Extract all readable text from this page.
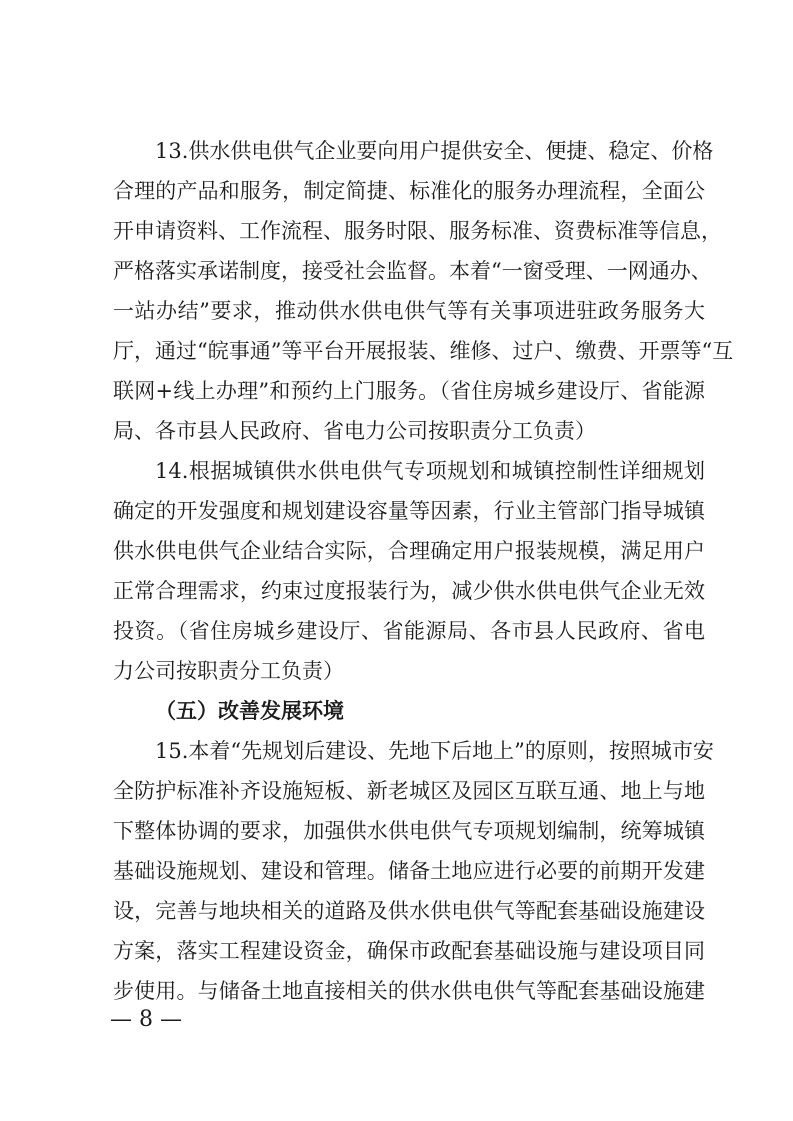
13.供水供电供气企业要向用户提供安全、便捷、稳定、价格
合理的产品和服务，制定简捷、标准化的服务办理流程，全面公
开申请资料、工作流程、服务时限、服务标准、资费标准等信息，
严格落实承诺制度，接受社会监督。本着“一窗受理、一网通办、
一站办结”要求，推动供水供电供气等有关事项进驻政务服务大
厅，通过“皖事通”等平台开展报装、维修、过户、缴费、开票等“互
联网+线上办理”和预约上门服务。（省住房城乡建设厅、省能源
局、各市县人民政府、省电力公司按职责分工负责）
14.根据城镇供水供电供气专项规划和城镇控制性详细规划
确定的开发强度和规划建设容量等因素，行业主管部门指导城镇
供水供电供气企业结合实际，合理确定用户报装规模，满足用户
正常合理需求，约束过度报装行为，减少供水供电供气企业无效
投资。（省住房城乡建设厅、省能源局、各市县人民政府、省电
力公司按职责分工负责）
（五）改善发展环境
15.本着“先规划后建设、先地下后地上”的原则，按照城市安
全防护标准补齐设施短板、新老城区及园区互联互通、地上与地
下整体协调的要求，加强供水供电供气专项规划编制，统筹城镇
基础设施规划、建设和管理。储备土地应进行必要的前期开发建
设，完善与地块相关的道路及供水供电供气等配套基础设施建设
方案，落实工程建设资金，确保市政配套基础设施与建设项目同
步使用。与储备土地直接相关的供水供电供气等配套基础设施建
— 8 —
